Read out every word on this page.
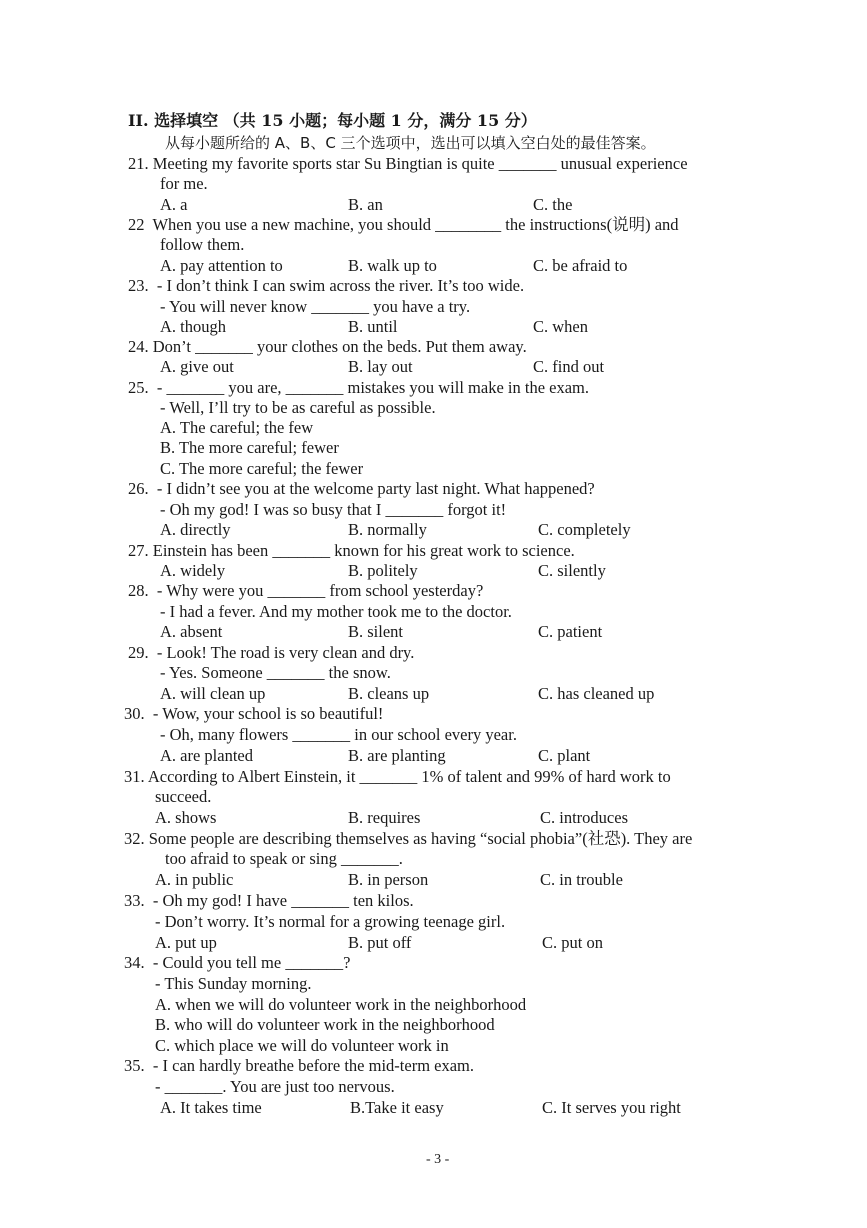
II. 选择填空 （共 15 小题；每小题 1 分，满分 15 分）
从每小题所给的 A、B、C 三个选项中，选出可以填入空白处的最佳答案。
21. Meeting my favorite sports star Su Bingtian is quite _______ unusual experience
for me.
A. a	B. an	C. the
22  When you use a new machine, you should ________ the instructions(说明) and
follow them.
A. pay attention to	B. walk up to	C. be afraid to
23.  - I don’t think I can swim across the river. It’s too wide.
- You will never know _______ you have a try.
A. though	B. until	C. when
24. Don’t _______ your clothes on the beds. Put them away.
A. give out	B. lay out	C. find out
25.  - _______ you are, _______ mistakes you will make in the exam.
- Well, I’ll try to be as careful as possible.
A. The careful; the few
B. The more careful; fewer
C. The more careful; the fewer
26.  - I didn’t see you at the welcome party last night. What happened?
- Oh my god! I was so busy that I _______ forgot it!
A. directly	B. normally	C. completely
27. Einstein has been _______ known for his great work to science.
A. widely	B. politely	C. silently
28.  - Why were you _______ from school yesterday?
- I had a fever. And my mother took me to the doctor.
A. absent	B. silent	C. patient
29.  - Look! The road is very clean and dry.
- Yes. Someone _______ the snow.
A. will clean up	B. cleans up	C. has cleaned up
30.  - Wow, your school is so beautiful!
- Oh, many flowers _______ in our school every year.
A. are planted	B. are planting	C. plant
31. According to Albert Einstein, it _______ 1% of talent and 99% of hard work to
succeed.
A. shows	B. requires	C. introduces
32. Some people are describing themselves as having “social phobia”(社恐). They are
too afraid to speak or sing _______.
A. in public	B. in person	C. in trouble
33.  - Oh my god! I have _______ ten kilos.
- Don’t worry. It’s normal for a growing teenage girl.
A. put up	B. put off	C. put on
34.  - Could you tell me _______?
- This Sunday morning.
A. when we will do volunteer work in the neighborhood
B. who will do volunteer work in the neighborhood
C. which place we will do volunteer work in
35.  - I can hardly breathe before the mid-term exam.
- _______. You are just too nervous.
A. It takes time	B.Take it easy	C. It serves you right
- 3 -
